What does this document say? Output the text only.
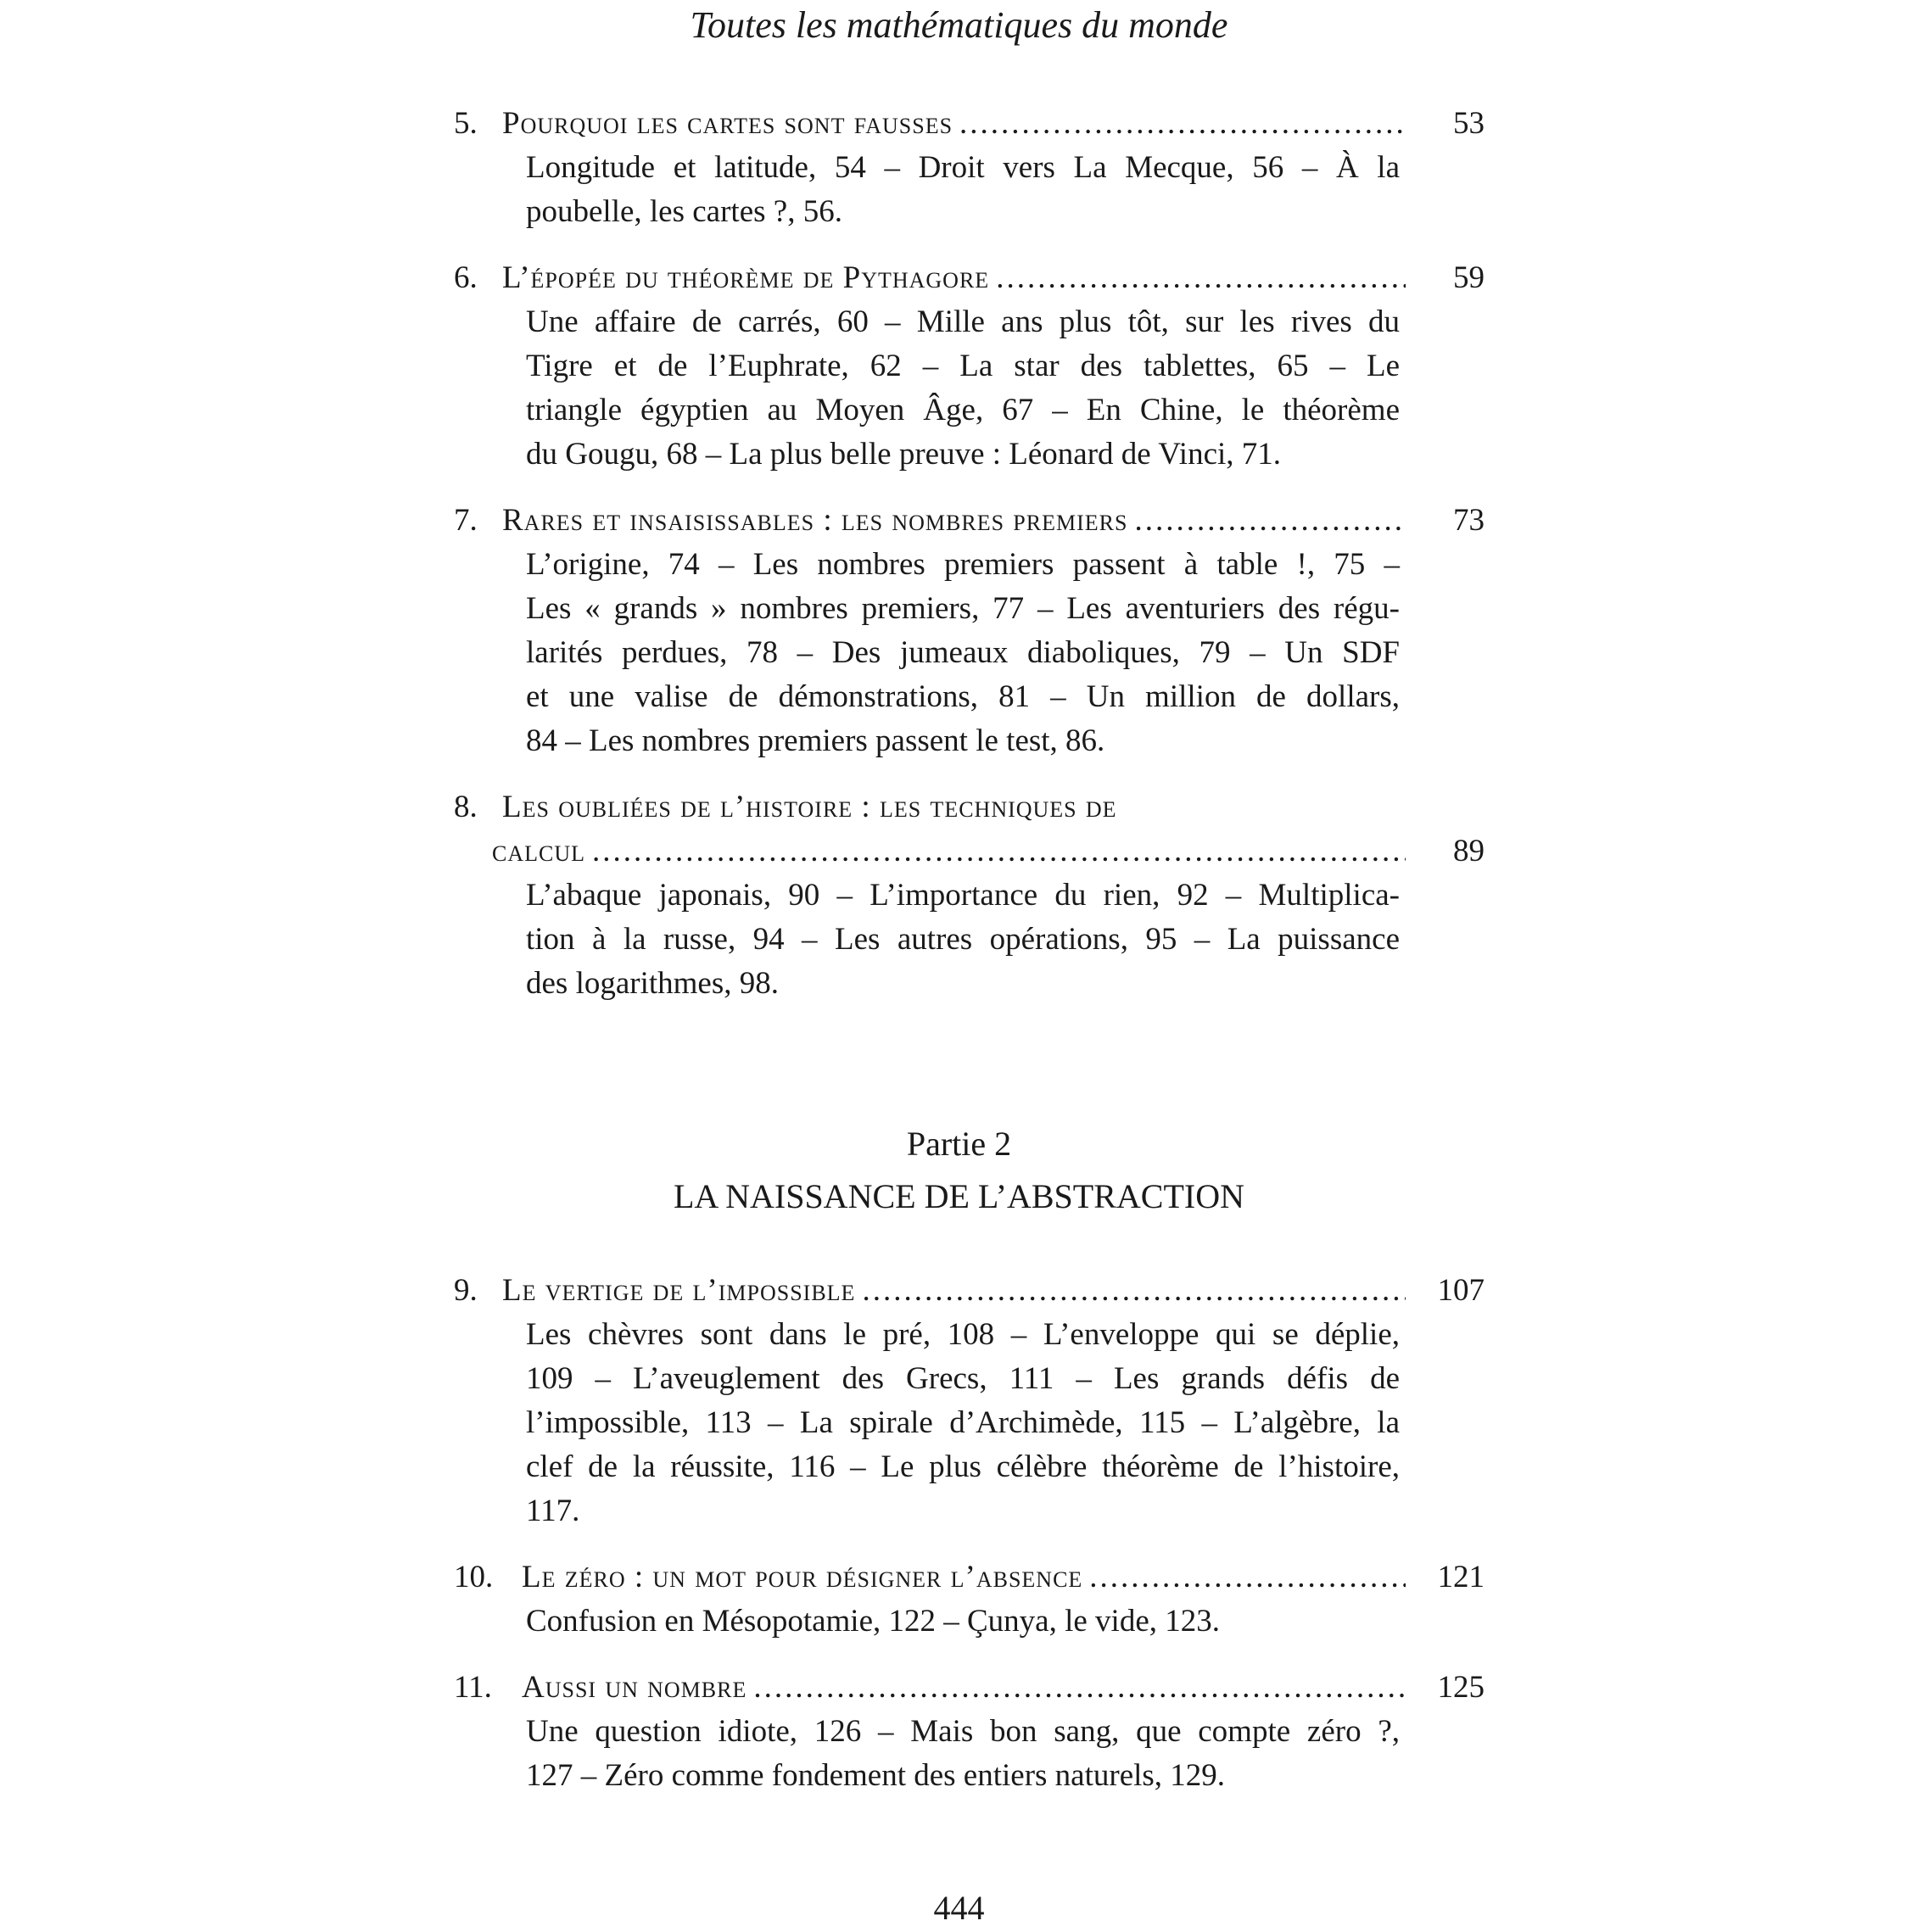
Toutes les mathématiques du monde
5. Pourquoi les cartes sont fausses .....	53
Longitude et latitude, 54 – Droit vers La Mecque, 56 – À la
poubelle, les cartes ?, 56.
6. L’épopée du théorème de Pythagore .....	59
Une affaire de carrés, 60 – Mille ans plus tôt, sur les rives du
Tigre et de l’Euphrate, 62 – La star des tablettes, 65 – Le
triangle égyptien au Moyen Âge, 67 – En Chine, le théorème
du Gougu, 68 – La plus belle preuve : Léonard de Vinci, 71.
7. Rares et insaisissables : les nombres premiers .....	73
L’origine, 74 – Les nombres premiers passent à table !, 75 –
Les « grands » nombres premiers, 77 – Les aventuriers des régu-
larités perdues, 78 – Des jumeaux diaboliques, 79 – Un SDF
et une valise de démonstrations, 81 – Un million de dollars,
84 – Les nombres premiers passent le test, 86.
8. Les oubliées de l’histoire : les techniques de
calcul .....	89
L’abaque japonais, 90 – L’importance du rien, 92 – Multiplica-
tion à la russe, 94 – Les autres opérations, 95 – La puissance
des logarithmes, 98.
Partie 2
LA NAISSANCE DE L’ABSTRACTION
9. Le vertige de l’impossible .....	107
Les chèvres sont dans le pré, 108 – L’enveloppe qui se déplie,
109 – L’aveuglement des Grecs, 111 – Les grands défis de
l’impossible, 113 – La spirale d’Archimède, 115 – L’algèbre, la
clef de la réussite, 116 – Le plus célèbre théorème de l’histoire,
117.
10. Le zéro : un mot pour désigner l’absence .....	121
Confusion en Mésopotamie, 122 – Çunya, le vide, 123.
11. Aussi un nombre .....	125
Une question idiote, 126 – Mais bon sang, que compte zéro ?,
127 – Zéro comme fondement des entiers naturels, 129.
444
